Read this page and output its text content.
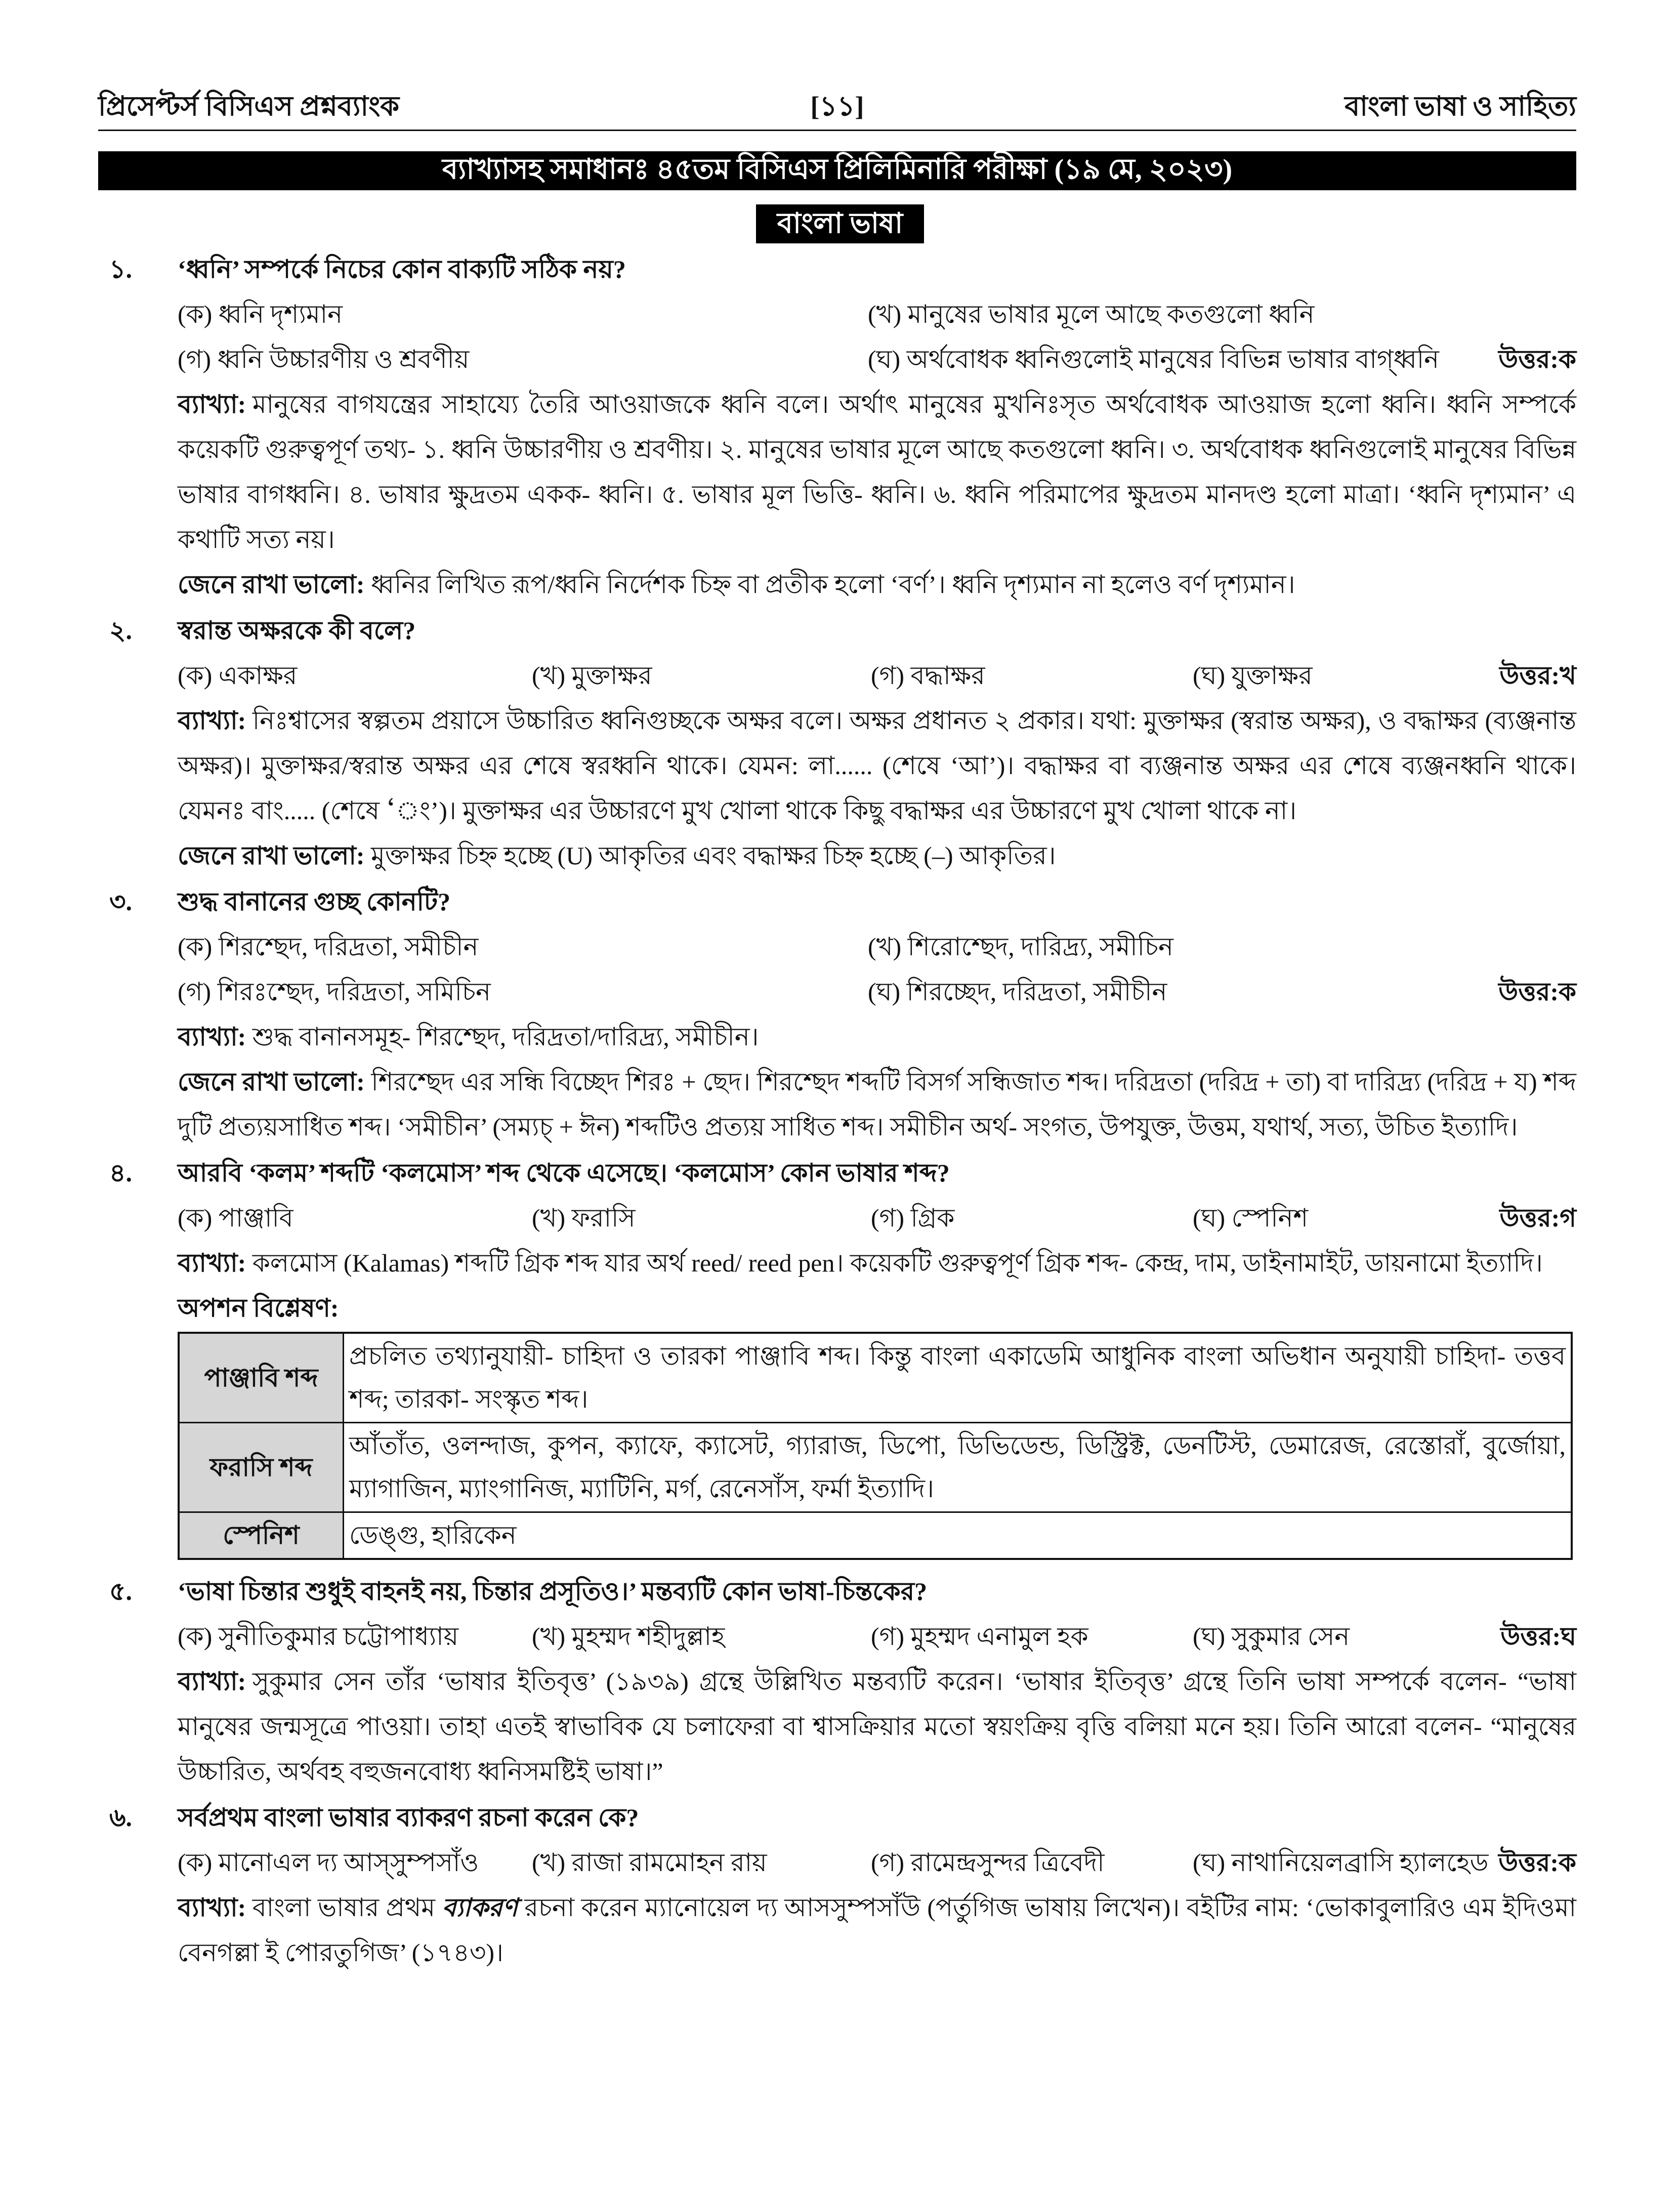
প্রিসেপ্টর্স বিসিএস প্রশ্নব্যাংক	[১১]	বাংলা ভাষা ও সাহিত্য
ব্যাখ্যাসহ সমাধানঃ ৪৫তম বিসিএস প্রিলিমিনারি পরীক্ষা (১৯ মে, ২০২৩)
বাংলা ভাষা
১.	‘ধ্বনি’ সম্পর্কে নিচের কোন বাক্যটি সঠিক নয়?
(ক) ধ্বনি দৃশ্যমান	(খ) মানুষের ভাষার মূলে আছে কতগুলো ধ্বনি
(গ) ধ্বনি উচ্চারণীয় ও শ্রবণীয়	(ঘ) অর্থবোধক ধ্বনিগুলোই মানুষের বিভিন্ন ভাষার বাগ্ধ্বনি	উত্তর:ক

ব্যাখ্যা: মানুষের বাগযন্ত্রের সাহায্যে তৈরি আওয়াজকে ধ্বনি বলে। অর্থাৎ মানুষের মুখনিঃসৃত অর্থবোধক আওয়াজ হলো ধ্বনি। ধ্বনি সম্পর্কে কয়েকটি গুরুত্বপূর্ণ তথ্য- ১. ধ্বনি উচ্চারণীয় ও শ্রবণীয়। ২. মানুষের ভাষার মূলে আছে কতগুলো ধ্বনি। ৩. অর্থবোধক ধ্বনিগুলোই মানুষের বিভিন্ন ভাষার বাগধ্বনি। ৪. ভাষার ক্ষুদ্রতম একক- ধ্বনি। ৫. ভাষার মূল ভিত্তি- ধ্বনি। ৬. ধ্বনি পরিমাপের ক্ষুদ্রতম মানদণ্ড হলো মাত্রা। ‘ধ্বনি দৃশ্যমান’ এ কথাটি সত্য নয়।

জেনে রাখা ভালো: ধ্বনির লিখিত রূপ/ধ্বনি নির্দেশক চিহ্ন বা প্রতীক হলো ‘বর্ণ’। ধ্বনি দৃশ্যমান না হলেও বর্ণ দৃশ্যমান।

২.	স্বরান্ত অক্ষরকে কী বলে?
(ক) একাক্ষর	(খ) মুক্তাক্ষর	(গ) বদ্ধাক্ষর	(ঘ) যুক্তাক্ষর	উত্তর:খ

ব্যাখ্যা: নিঃশ্বাসের স্বল্পতম প্রয়াসে উচ্চারিত ধ্বনিগুচ্ছকে অক্ষর বলে। অক্ষর প্রধানত ২ প্রকার। যথা: মুক্তাক্ষর (স্বরান্ত অক্ষর), ও বদ্ধাক্ষর (ব্যঞ্জনান্ত অক্ষর)। মুক্তাক্ষর/স্বরান্ত অক্ষর এর শেষে স্বরধ্বনি থাকে। যেমন: লা...... (শেষে ‘আ’)। বদ্ধাক্ষর বা ব্যঞ্জনান্ত অক্ষর এর শেষে ব্যঞ্জনধ্বনি থাকে। যেমনঃ বাং..... (শেষে ‘ং’)। মুক্তাক্ষর এর উচ্চারণে মুখ খোলা থাকে কিছু বদ্ধাক্ষর এর উচ্চারণে মুখ খোলা থাকে না।

জেনে রাখা ভালো: মুক্তাক্ষর চিহ্ন হচ্ছে (U) আকৃতির এবং বদ্ধাক্ষর চিহ্ন হচ্ছে (–) আকৃতির।

৩.	শুদ্ধ বানানের গুচ্ছ কোনটি?
(ক) শিরশ্ছেদ, দরিদ্রতা, সমীচীন	(খ) শিরোশ্ছেদ, দারিদ্র্য, সমীচিন
(গ) শিরঃশ্ছেদ, দরিদ্রতা, সমিচিন	(ঘ) শিরচ্ছেদ, দরিদ্রতা, সমীচীন	উত্তর:ক

ব্যাখ্যা: শুদ্ধ বানানসমূহ- শিরশ্ছেদ, দরিদ্রতা/দারিদ্র্য, সমীচীন।

জেনে রাখা ভালো: শিরশ্ছেদ এর সন্ধি বিচ্ছেদ শিরঃ + ছেদ। শিরশ্ছেদ শব্দটি বিসর্গ সন্ধিজাত শব্দ। দরিদ্রতা (দরিদ্র + তা) বা দারিদ্র্য (দরিদ্র + য) শব্দ দুটি প্রত্যয়সাধিত শব্দ। ‘সমীচীন’ (সম্যচ্ + ঈন) শব্দটিও প্রত্যয় সাধিত শব্দ। সমীচীন অর্থ- সংগত, উপযুক্ত, উত্তম, যথার্থ, সত্য, উচিত ইত্যাদি।

৪.	আরবি ‘কলম’ শব্দটি ‘কলমোস’ শব্দ থেকে এসেছে। ‘কলমোস’ কোন ভাষার শব্দ?
(ক) পাঞ্জাবি	(খ) ফরাসি	(গ) গ্রিক	(ঘ) স্পেনিশ	উত্তর:গ

ব্যাখ্যা: কলমোস (Kalamas) শব্দটি গ্রিক শব্দ যার অর্থ reed/ reed pen। কয়েকটি গুরুত্বপূর্ণ গ্রিক শব্দ- কেন্দ্র, দাম, ডাইনামাইট, ডায়নামো ইত্যাদি।

অপশন বিশ্লেষণ:
পাঞ্জাবি শব্দ	প্রচলিত তথ্যানুযায়ী- চাহিদা ও তারকা পাঞ্জাবি শব্দ। কিন্তু বাংলা একাডেমি আধুনিক বাংলা অভিধান অনুযায়ী চাহিদা- তত্তব শব্দ; তারকা- সংস্কৃত শব্দ।
ফরাসি শব্দ	আঁতাঁত, ওলন্দাজ, কুপন, ক্যাফে, ক্যাসেট, গ্যারাজ, ডিপো, ডিভিডেন্ড, ডিস্ট্রিক্ট, ডেনটিস্ট, ডেমারেজ, রেস্তোরাঁ, বুর্জোয়া, ম্যাগাজিন, ম্যাংগানিজ, ম্যাটিনি, মর্গ, রেনেসাঁস, ফর্মা ইত্যাদি।
স্পেনিশ	ডেঙ্গু, হারিকেন
৫.	‘ভাষা চিন্তার শুধুই বাহনই নয়, চিন্তার প্রসূতিও।’ মন্তব্যটি কোন ভাষা-চিন্তকের?
(ক) সুনীতিকুমার চট্টোপাধ্যায়	(খ) মুহম্মদ শহীদুল্লাহ	(গ) মুহম্মদ এনামুল হক	(ঘ) সুকুমার সেন	উত্তর:ঘ

ব্যাখ্যা: সুকুমার সেন তাঁর ‘ভাষার ইতিবৃত্ত’ (১৯৩৯) গ্রন্থে উল্লিখিত মন্তব্যটি করেন। ‘ভাষার ইতিবৃত্ত’ গ্রন্থে তিনি ভাষা সম্পর্কে বলেন- “ভাষা মানুষের জন্মসূত্রে পাওয়া। তাহা এতই স্বাভাবিক যে চলাফেরা বা শ্বাসক্রিয়ার মতো স্বয়ংক্রিয় বৃত্তি বলিয়া মনে হয়। তিনি আরো বলেন- “মানুষের উচ্চারিত, অর্থবহ বহুজনবোধ্য ধ্বনিসমষ্টিই ভাষা।”

৬.	সর্বপ্রথম বাংলা ভাষার ব্যাকরণ রচনা করেন কে?
(ক) মানোএল দ্য আস্সুম্পসাঁও	(খ) রাজা রামমোহন রায়	(গ) রামেন্দ্রসুন্দর ত্রিবেদী	(ঘ) নাথানিয়েলব্রাসি হ্যালহেড উত্তর:ক

ব্যাখ্যা: বাংলা ভাষার প্রথম ব্যাকরণ রচনা করেন ম্যানোয়েল দ্য আসসুম্পসাঁউ (পর্তুগিজ ভাষায় লিখেন)। বইটির নাম: ‘ভোকাবুলারিও এম ইদিওমা বেনগল্লা ই পোরতুগিজ’ (১৭৪৩)।
